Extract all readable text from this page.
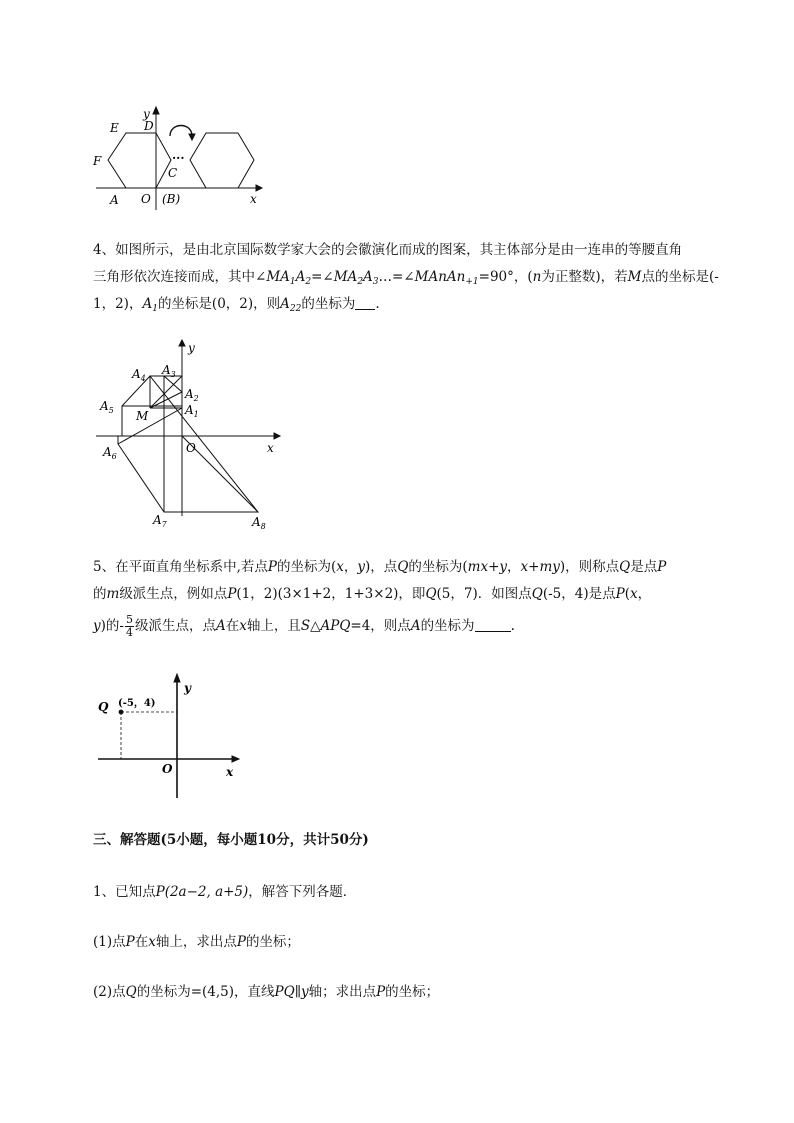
y
D
E
F
C
···
A O (B)	x
4、如图所示，是由北京国际数学家大会的会徽演化而成的图案，其主体部分是由一连串的等腰直角
三角形依次连接而成，其中$\angle MA_1A_2=\angle MA_2A_3\dots=\angle MAnAn_{+1}=90^\circ$，(n为正整数)，若M点的坐标是(-
1，2)，$A_1$的坐标是(0，2)，则$A_{22}$的坐标为 .
y
x
O
M
$A_4$
$A_3$
$A_2$
$A_1$
$A_5$
$A_6$
$A_7$	$A_8$
5、在平面直角坐标系中,若点P的坐标为(x，y)，点Q的坐标为(mx+y，x+my)，则称点Q是点P
的m级派生点，例如点P(1，2)(3×1+2，1+3×2)，即Q(5，7)．如图点Q(-5，4)是点P(x，
y)的- $\frac{5}{4}$ 级派生点，点A在x轴上，且S△APQ=4，则点A的坐标为	.
Q (-5，4)
y
O	x
三、解答题(5小题，每小题10分，共计50分)
1、已知点P(2a−2, a+5)，解答下列各题．
(1)点P在x轴上，求出点P的坐标；
(2)点Q的坐标为=(4,5)，直线PQ∥y轴；求出点P的坐标；
